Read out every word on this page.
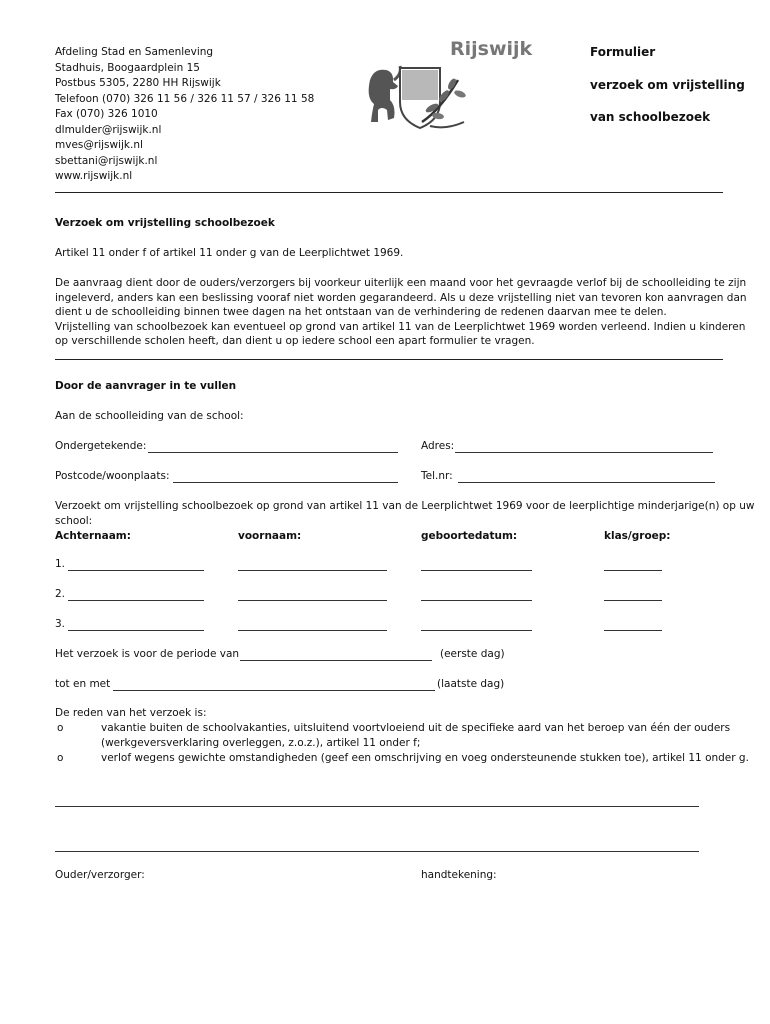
Afdeling Stad en Samenleving
Stadhuis, Boogaardplein 15
Postbus 5305, 2280 HH Rijswijk
Telefoon (070) 326 11 56 / 326 11 57 / 326 11 58
Fax (070) 326 1010
dlmulder@rijswijk.nl
mves@rijswijk.nl
sbettani@rijswijk.nl
www.rijswijk.nl
Rijswijk	Formulier
verzoek om vrijstelling
van schoolbezoek
Verzoek om vrijstelling schoolbezoek
Artikel 11 onder f of artikel 11 onder g van de Leerplichtwet 1969.
De aanvraag dient door de ouders/verzorgers bij voorkeur uiterlijk een maand voor het gevraagde verlof bij de schoolleiding te zijn
ingeleverd, anders kan een beslissing vooraf niet worden gegarandeerd. Als u deze vrijstelling niet van tevoren kon aanvragen dan
dient u de schoolleiding binnen twee dagen na het ontstaan van de verhindering de redenen daarvan mee te delen.
Vrijstelling van schoolbezoek kan eventueel op grond van artikel 11 van de Leerplichtwet 1969 worden verleend. Indien u kinderen
op verschillende scholen heeft, dan dient u op iedere school een apart formulier te vragen.
Door de aanvrager in te vullen
Aan de schoolleiding van de school:
Ondergetekende:	Adres:
Postcode/woonplaats:	Tel.nr:
Verzoekt om vrijstelling schoolbezoek op grond van artikel 11 van de Leerplichtwet 1969 voor de leerplichtige minderjarige(n) op uw
school:
Achternaam:	voornaam:	geboortedatum:	klas/groep:
1.
2.
3.
Het verzoek is voor de periode van	(eerste dag)
tot en met	(laatste dag)
De reden van het verzoek is:
o	vakantie buiten de schoolvakanties, uitsluitend voortvloeiend uit de specifieke aard van het beroep van één der ouders
(werkgeversverklaring overleggen, z.o.z.), artikel 11 onder f;
o	verlof wegens gewichte omstandigheden (geef een omschrijving en voeg ondersteunende stukken toe), artikel 11 onder g.
Ouder/verzorger:	handtekening:
